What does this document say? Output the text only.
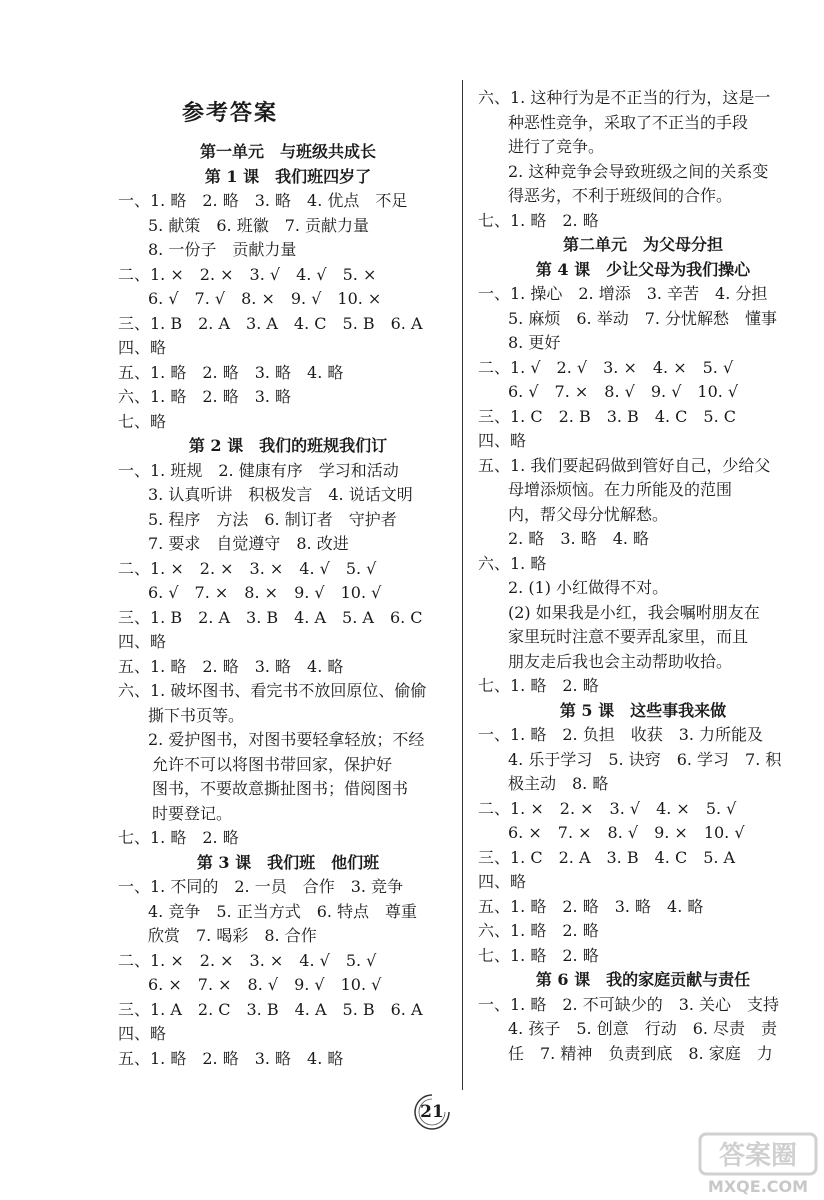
参考答案
第一单元　与班级共成长
第 1 课　我们班四岁了
一、1. 略　2. 略　3. 略　4. 优点　不足
5. 献策　6. 班徽　7. 贡献力量
8. 一份子　贡献力量
二、1. ×　2. ×　3. √　4. √　5. ×
6. √　7. √　8. ×　9. √　10. ×
三、1. B　2. A　3. A　4. C　5. B　6. A
四、略
五、1. 略　2. 略　3. 略　4. 略
六、1. 略　2. 略　3. 略
七、略
第 2 课　我们的班规我们订
一、1. 班规　2. 健康有序　学习和活动
3. 认真听讲　积极发言　4. 说话文明
5. 程序　方法　6. 制订者　守护者
7. 要求　自觉遵守　8. 改进
二、1. ×　2. ×　3. ×　4. √　5. √
6. √　7. ×　8. ×　9. √　10. √
三、1. B　2. A　3. B　4. A　5. A　6. C
四、略
五、1. 略　2. 略　3. 略　4. 略
六、1. 破坏图书、看完书不放回原位、偷偷
撕下书页等。
2. 爱护图书，对图书要轻拿轻放；不经
允许不可以将图书带回家，保护好
图书，不要故意撕扯图书；借阅图书
时要登记。
七、1. 略　2. 略
第 3 课　我们班　他们班
一、1. 不同的　2. 一员　合作　3. 竞争
4. 竞争　5. 正当方式　6. 特点　尊重
欣赏　7. 喝彩　8. 合作
二、1. ×　2. ×　3. ×　4. √　5. √
6. ×　7. ×　8. √　9. √　10. √
三、1. A　2. C　3. B　4. A　5. B　6. A
四、略
五、1. 略　2. 略　3. 略　4. 略
六、1. 这种行为是不正当的行为，这是一
种恶性竞争，采取了不正当的手段
进行了竞争。
2. 这种竞争会导致班级之间的关系变
得恶劣，不利于班级间的合作。
七、1. 略　2. 略
第二单元　为父母分担
第 4 课　少让父母为我们操心
一、1. 操心　2. 增添　3. 辛苦　4. 分担
5. 麻烦　6. 举动　7. 分忧解愁　懂事
8. 更好
二、1. √　2. √　3. ×　4. ×　5. √
6. √　7. ×　8. √　9. √　10. √
三、1. C　2. B　3. B　4. C　5. C
四、略
五、1. 我们要起码做到管好自己，少给父
母增添烦恼。在力所能及的范围
内，帮父母分忧解愁。
2. 略　3. 略　4. 略
六、1. 略
2. (1) 小红做得不对。
(2) 如果我是小红，我会嘱咐朋友在
家里玩时注意不要弄乱家里，而且
朋友走后我也会主动帮助收拾。
七、1. 略　2. 略
第 5 课　这些事我来做
一、1. 略　2. 负担　收获　3. 力所能及
4. 乐于学习　5. 诀窍　6. 学习　7. 积
极主动　8. 略
二、1. ×　2. ×　3. √　4. ×　5. √
6. ×　7. ×　8. √　9. ×　10. √
三、1. C　2. A　3. B　4. C　5. A
四、略
五、1. 略　2. 略　3. 略　4. 略
六、1. 略　2. 略
七、1. 略　2. 略
第 6 课　我的家庭贡献与责任
一、1. 略　2. 不可缺少的　3. 关心　支持
4. 孩子　5. 创意　行动　6. 尽责　责
任　7. 精神　负责到底　8. 家庭　力
21
答案圈
MXQE.COM
